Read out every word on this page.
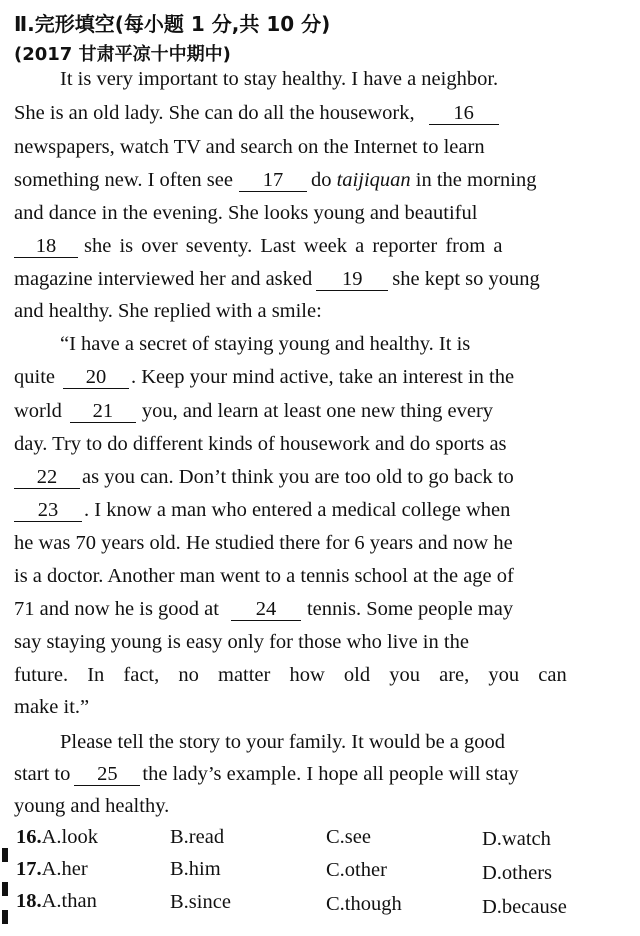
Ⅱ.完形填空(每小题 1 分,共 10 分)
(2017 甘肃平凉十中期中)
It is very important to stay healthy. I have a neighbor.
She is an old lady. She can do all the housework,	16
newspapers, watch TV and search on the Internet to learn
something new. I often see	17	do
taijiquan
in the morning
and dance in the evening. She looks young and beautiful
18	she is over seventy. Last week a reporter from a
magazine interviewed her and asked	19	she kept so young
and healthy. She replied with a smile:
“I have a secret of staying young and healthy. It is
quite	20	. Keep your mind active, take an interest in the
world	21	you, and learn at least one new thing every
day. Try to do different kinds of housework and do sports as
22	as you can. Don’t think you are too old to go back to
23	. I know a man who entered a medical college when
he was 70 years old. He studied there for 6 years and now he
is a doctor. Another man went to a tennis school at the age of
71 and now he is good at	24	tennis. Some people may
say staying young is easy only for those who live in the
future. In fact, no matter how old you are, you can
make it.”
Please tell the story to your family. It would be a good
start to	25	the lady’s example. I hope all people will stay
young and healthy.
16.A.look	B.read	C.see	D.watch
17.A.her	B.him	C.other	D.others
18.A.than	B.since	C.though	D.because
